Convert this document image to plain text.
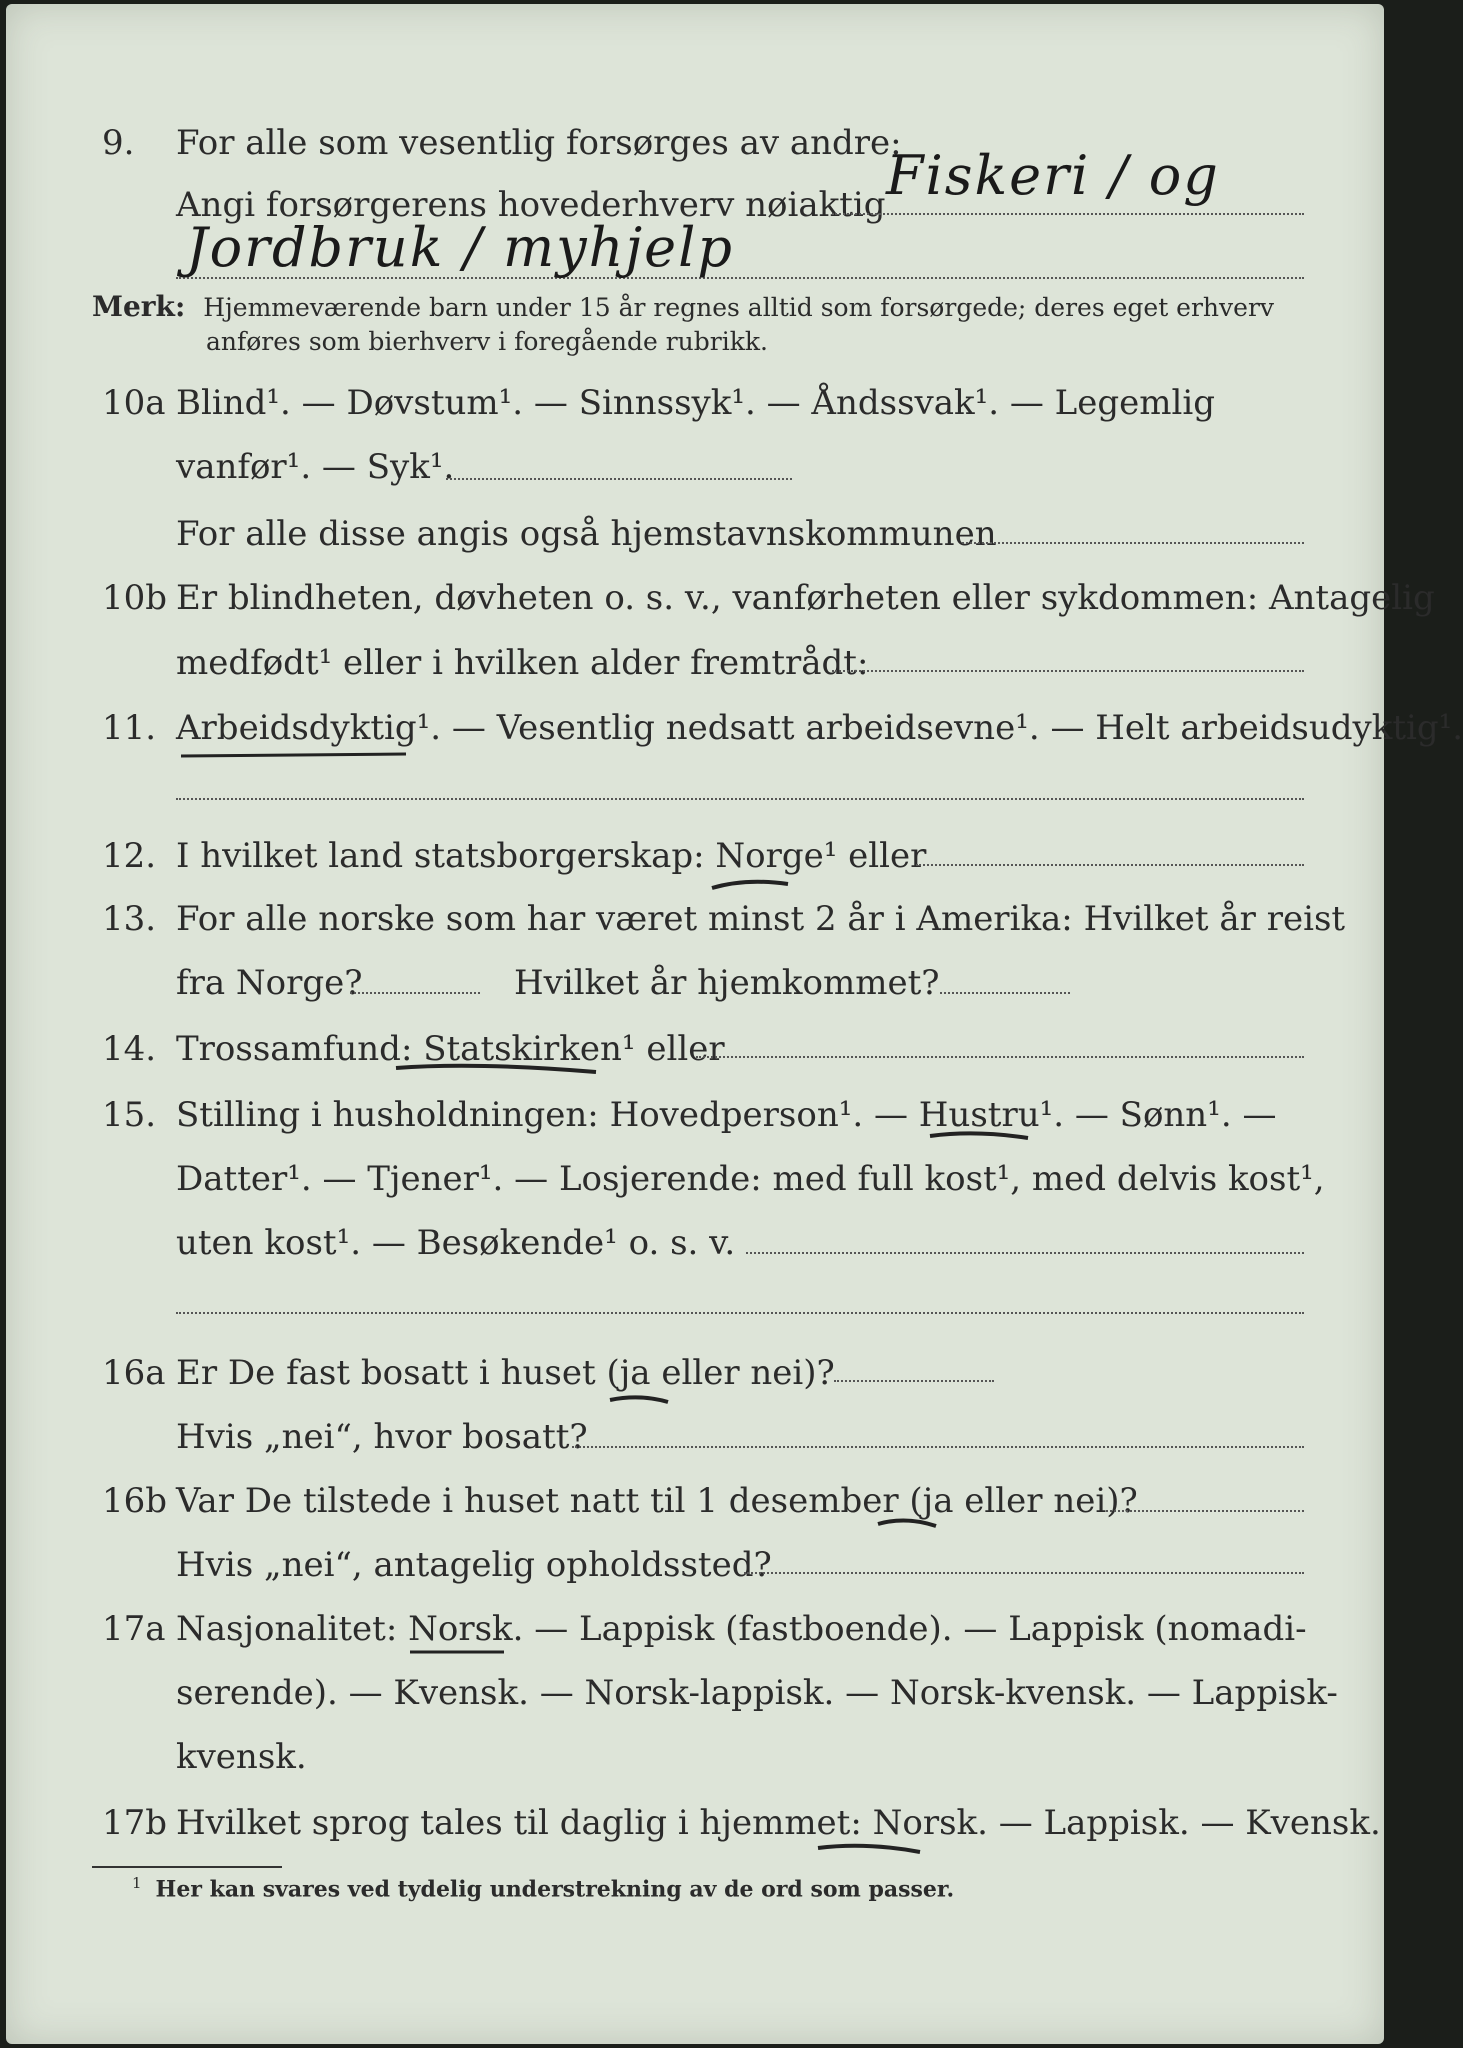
9.	For alle som vesentlig forsørges av andre:
Angi forsørgerens hovederhverv nøiaktig Fiskeri / og
Jordbruk / myhjelp
Merk: Hjemmeværende barn under 15 år regnes alltid som forsørgede; deres eget erhverv
anføres som bierhverv i foregående rubrikk.
10a Blind¹. — Døvstum¹. — Sinnssyk¹. — Åndssvak¹. — Legemlig
vanfør¹. — Syk¹.
For alle disse angis også hjemstavnskommunen
10b Er blindheten, døvheten o. s. v., vanførheten eller sykdommen: Antagelig
medfødt¹ eller i hvilken alder fremtrådt:
11. Arbeidsdyktig¹. — Vesentlig nedsatt arbeidsevne¹. — Helt arbeidsudyktig¹.
12. I hvilket land statsborgerskap: Norge¹ eller
13. For alle norske som har været minst 2 år i Amerika: Hvilket år reist
fra Norge?	Hvilket år hjemkommet?
14. Trossamfund: Statskirken¹ eller
15. Stilling i husholdningen: Hovedperson¹. — Hustru¹. — Sønn¹. —
Datter¹. — Tjener¹. — Losjerende: med full kost¹, med delvis kost¹,
uten kost¹. — Besøkende¹ o. s. v.
16a Er De fast bosatt i huset (ja eller nei)?
Hvis „nei“, hvor bosatt?
16b Var De tilstede i huset natt til 1 desember (ja eller nei)?
Hvis „nei“, antagelig opholdssted?
17a Nasjonalitet: Norsk. — Lappisk (fastboende). — Lappisk (nomadi-
serende). — Kvensk. — Norsk-lappisk. — Norsk-kvensk. — Lappisk-
kvensk.
17b Hvilket sprog tales til daglig i hjemmet: Norsk. — Lappisk. — Kvensk.
$^1$ Her kan svares ved tydelig understrekning av de ord som passer.
